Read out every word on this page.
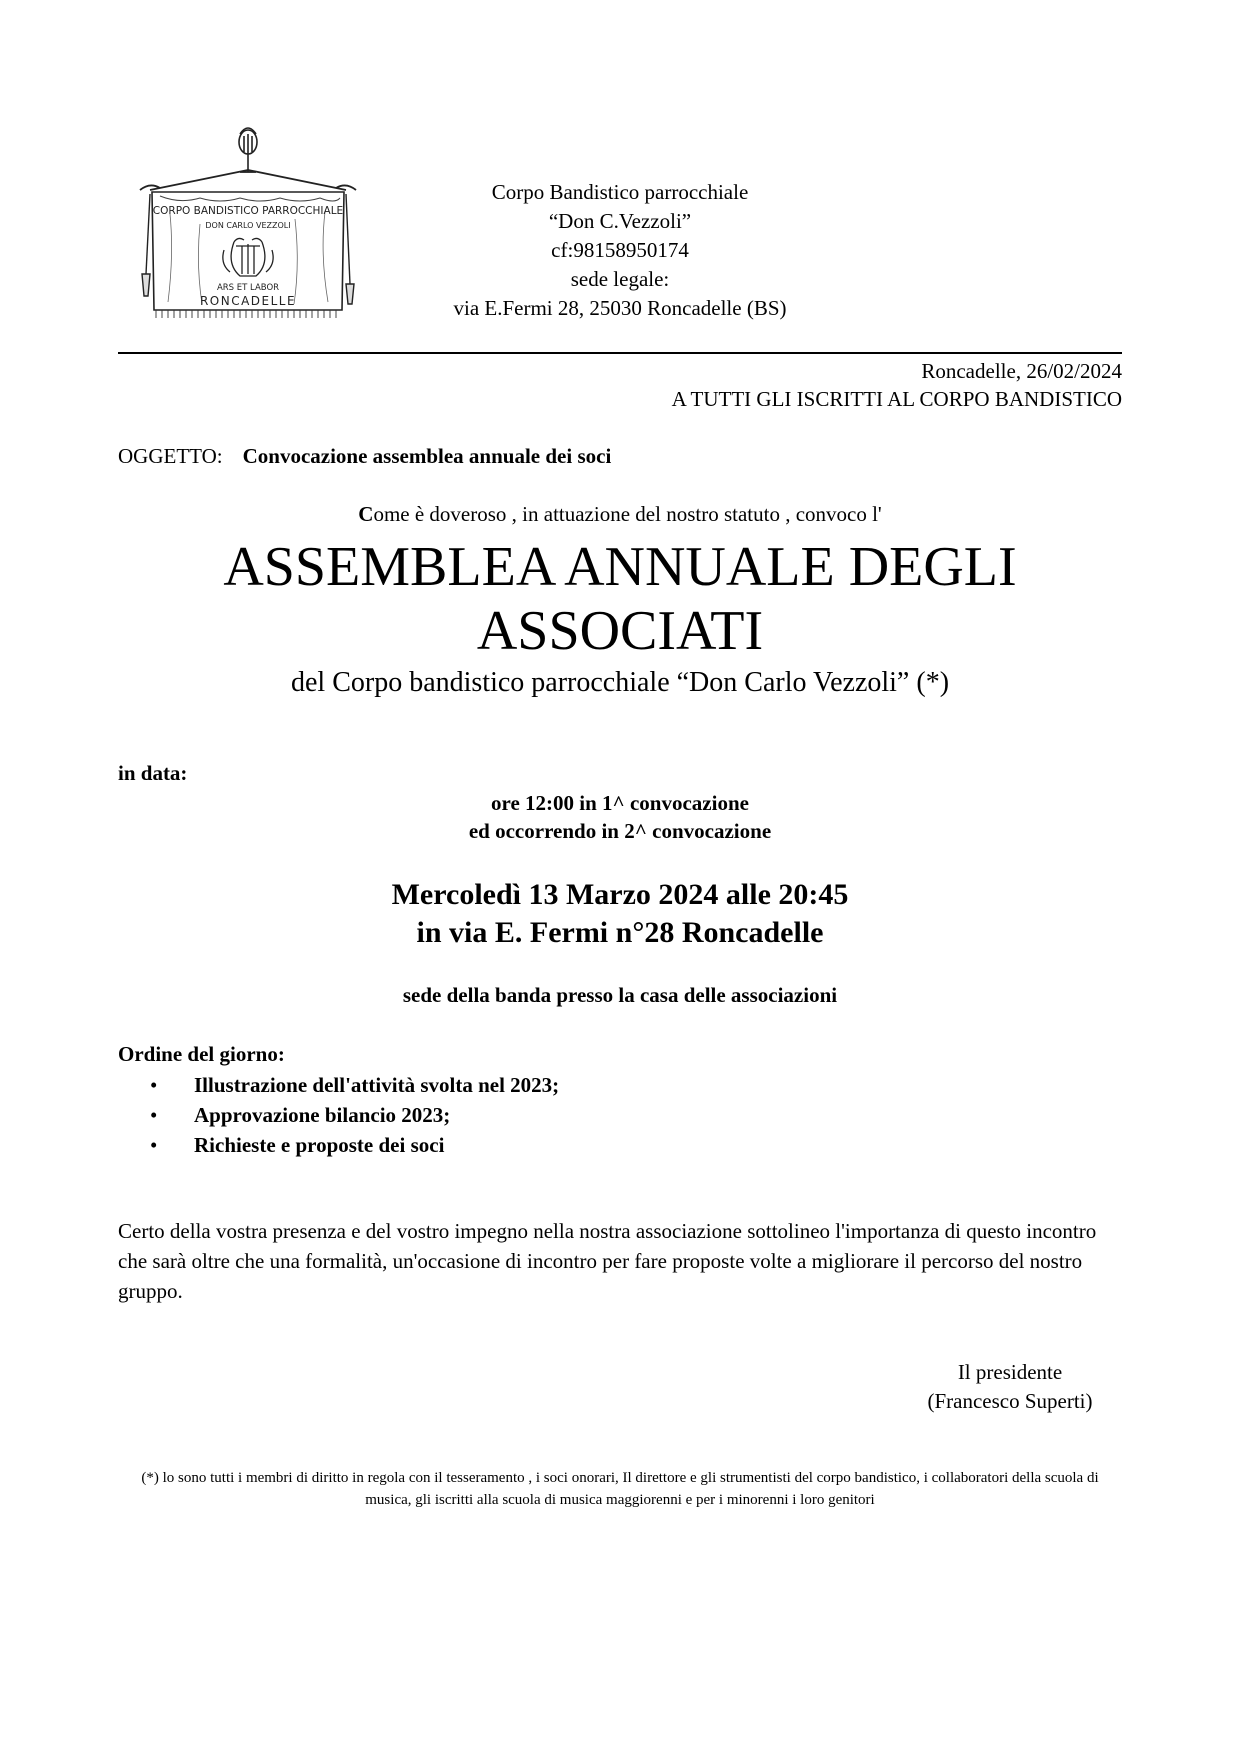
CORPO BANDISTICO PARROCCHIALE
DON CARLO VEZZOLI
ARS ET LABOR
RONCADELLE
Corpo Bandistico parrocchiale
“Don C.Vezzoli”
cf:98158950174
sede legale:
via E.Fermi 28, 25030 Roncadelle (BS)
Roncadelle, 26/02/2024
A TUTTI GLI ISCRITTI AL CORPO BANDISTICO
OGGETTO: Convocazione assemblea annuale dei soci
Come è doveroso , in attuazione del nostro statuto , convoco l'
ASSEMBLEA ANNUALE DEGLI
ASSOCIATI
del Corpo bandistico parrocchiale “Don Carlo Vezzoli” (*)
in data:
ore 12:00 in 1^ convocazione
ed occorrendo in 2^ convocazione
Mercoledì 13 Marzo 2024 alle 20:45
in via E. Fermi n°28 Roncadelle
sede della banda presso la casa delle associazioni
Ordine del giorno:
• Illustrazione dell'attività svolta nel 2023;
• Approvazione bilancio 2023;
• Richieste e proposte dei soci
Certo della vostra presenza e del vostro impegno nella nostra associazione sottolineo l'importanza di questo incontro che sarà oltre che una formalità, un'occasione di incontro per fare proposte volte a migliorare il percorso del nostro gruppo.
Il presidente
(Francesco Superti)
(*) lo sono tutti i membri di diritto in regola con il tesseramento , i soci onorari, Il direttore e gli strumentisti del corpo bandistico, i collaboratori della scuola di musica, gli iscritti alla scuola di musica maggiorenni e per i minorenni i loro genitori
